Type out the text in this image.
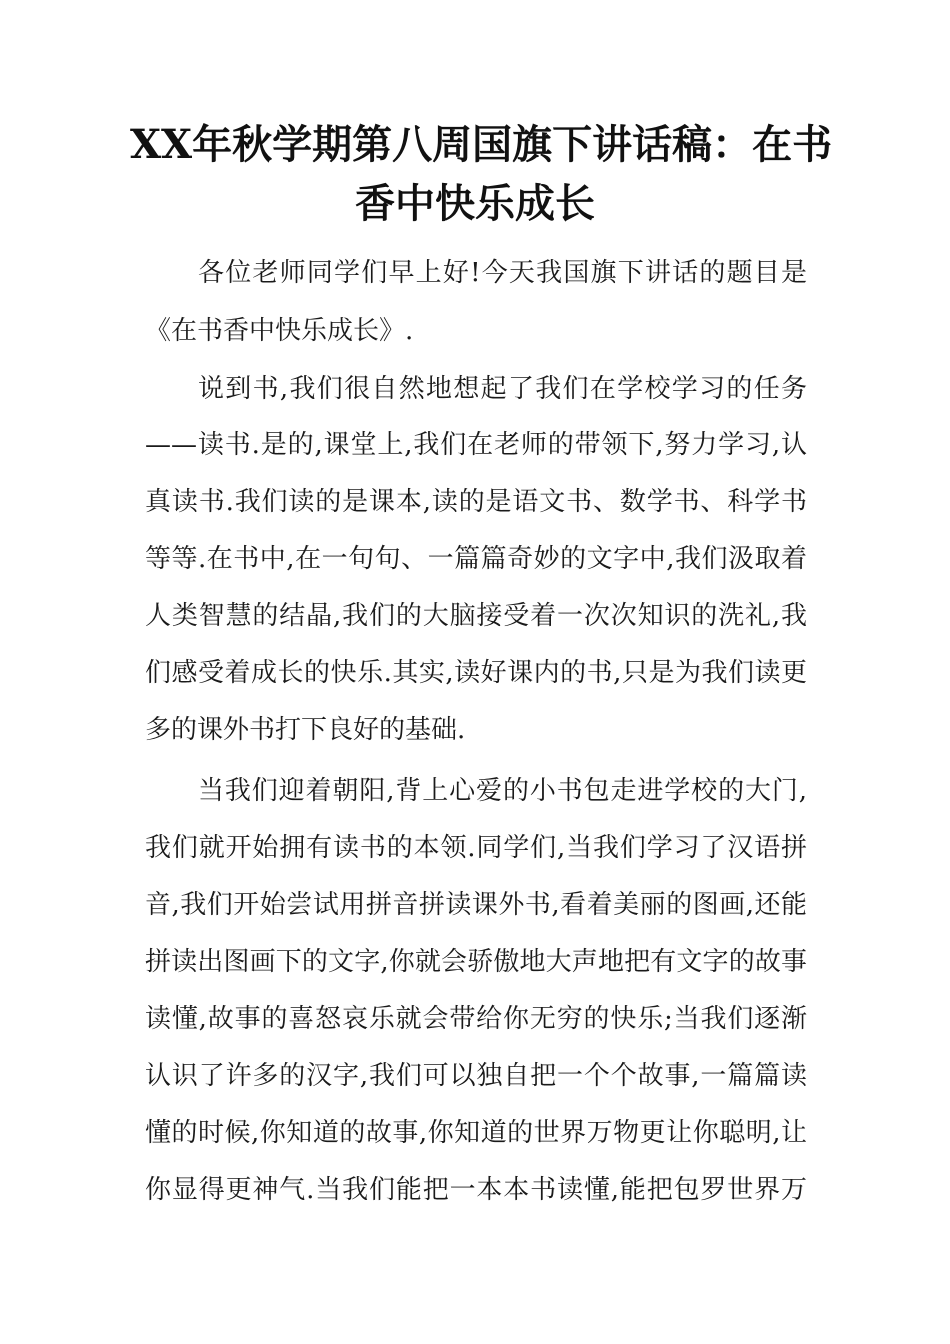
XX年秋学期第八周国旗下讲话稿：在书
香中快乐成长
各位老师同学们早上好!今天我国旗下讲话的题目是
《在书香中快乐成长》.
说到书,我们很自然地想起了我们在学校学习的任务
——读书.是的,课堂上,我们在老师的带领下,努力学习,认
真读书.我们读的是课本,读的是语文书、数学书、科学书
等等.在书中,在一句句、一篇篇奇妙的文字中,我们汲取着
人类智慧的结晶,我们的大脑接受着一次次知识的洗礼,我
们感受着成长的快乐.其实,读好课内的书,只是为我们读更
多的课外书打下良好的基础.
当我们迎着朝阳,背上心爱的小书包走进学校的大门,
我们就开始拥有读书的本领.同学们,当我们学习了汉语拼
音,我们开始尝试用拼音拼读课外书,看着美丽的图画,还能
拼读出图画下的文字,你就会骄傲地大声地把有文字的故事
读懂,故事的喜怒哀乐就会带给你无穷的快乐;当我们逐渐
认识了许多的汉字,我们可以独自把一个个故事,一篇篇读
懂的时候,你知道的故事,你知道的世界万物更让你聪明,让
你显得更神气.当我们能把一本本书读懂,能把包罗世界万
